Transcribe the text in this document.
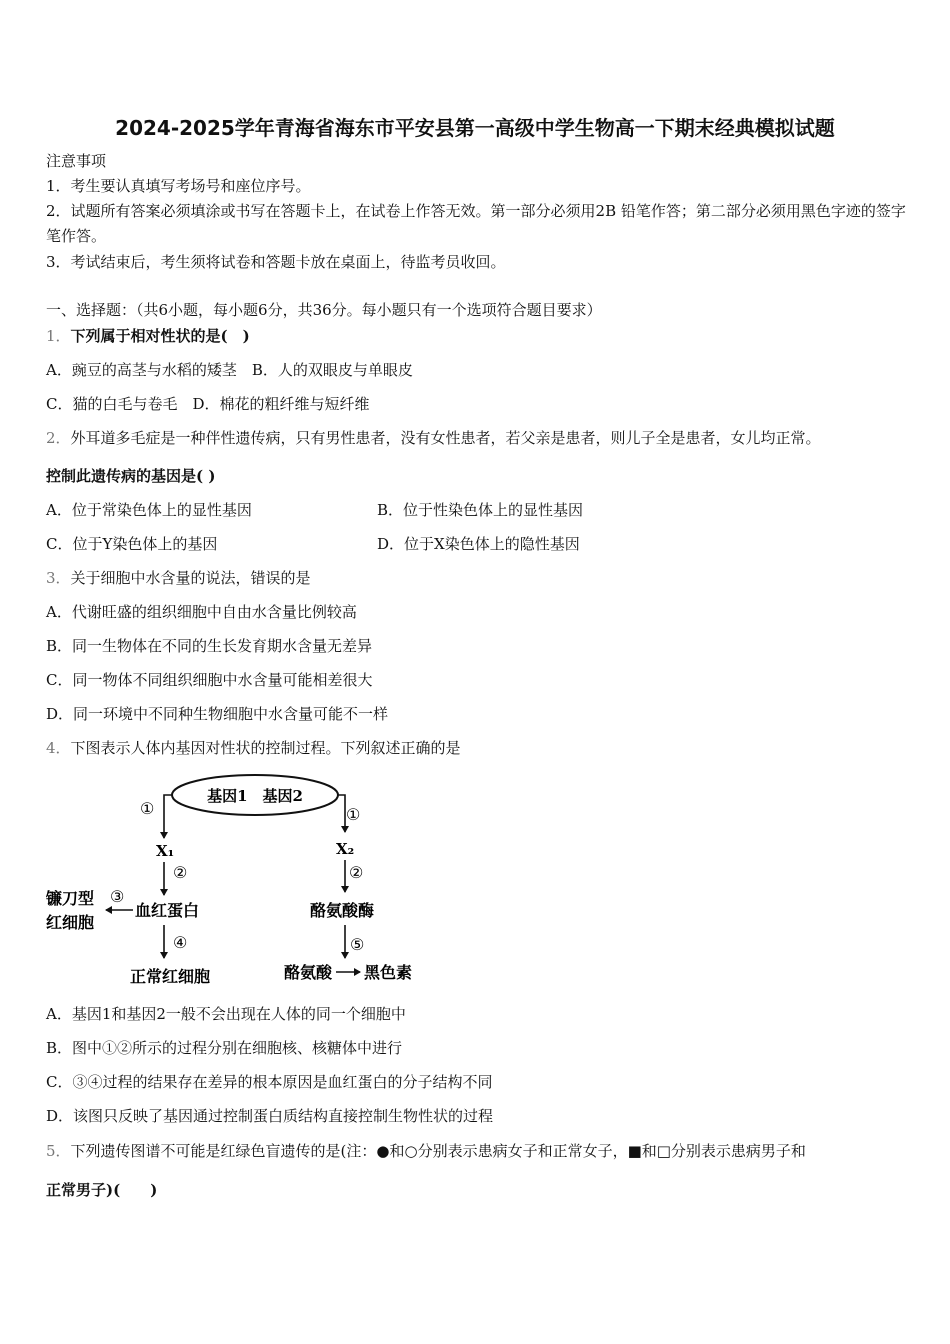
2024-2025学年青海省海东市平安县第一高级中学生物高一下期末经典模拟试题
注意事项
1．考生要认真填写考场号和座位序号。
2．试题所有答案必须填涂或书写在答题卡上，在试卷上作答无效。第一部分必须用2B 铅笔作答；第二部分必须用黑色字迹的签字笔作答。
3．考试结束后，考生须将试卷和答题卡放在桌面上，待监考员收回。
一、选择题：（共6小题，每小题6分，共36分。每小题只有一个选项符合题目要求）
1．下列属于相对性状的是(　)
A．豌豆的高茎与水稻的矮茎　B．人的双眼皮与单眼皮
C．猫的白毛与卷毛　D．棉花的粗纤维与短纤维
2．外耳道多毛症是一种伴性遗传病，只有男性患者，没有女性患者，若父亲是患者，则儿子全是患者，女儿均正常。
控制此遗传病的基因是( )
A．位于常染色体上的显性基因	B．位于性染色体上的显性基因
C．位于Y染色体上的基因	D．位于X染色体上的隐性基因
3．关于细胞中水含量的说法，错误的是
A．代谢旺盛的组织细胞中自由水含量比例较高
B．同一生物体在不同的生长发育期水含量无差异
C．同一物体不同组织细胞中水含量可能相差很大
D．同一环境中不同种生物细胞中水含量可能不一样
4．下图表示人体内基因对性状的控制过程。下列叙述正确的是
基因1　基因2
①
X₁
②
血红蛋白
③
镰刀型
红细胞
④
正常红细胞
①
X₂
②
酪氨酸酶
⑤
酪氨酸 黑色素
A．基因1和基因2一般不会出现在人体的同一个细胞中
B．图中①②所示的过程分别在细胞核、核糖体中进行
C．③④过程的结果存在差异的根本原因是血红蛋白的分子结构不同
D．该图只反映了基因通过控制蛋白质结构直接控制生物性状的过程
5．下列遗传图谱不可能是红绿色盲遗传的是(注：●和○分别表示患病女子和正常女子，■和□分别表示患病男子和
正常男子)(　　)
